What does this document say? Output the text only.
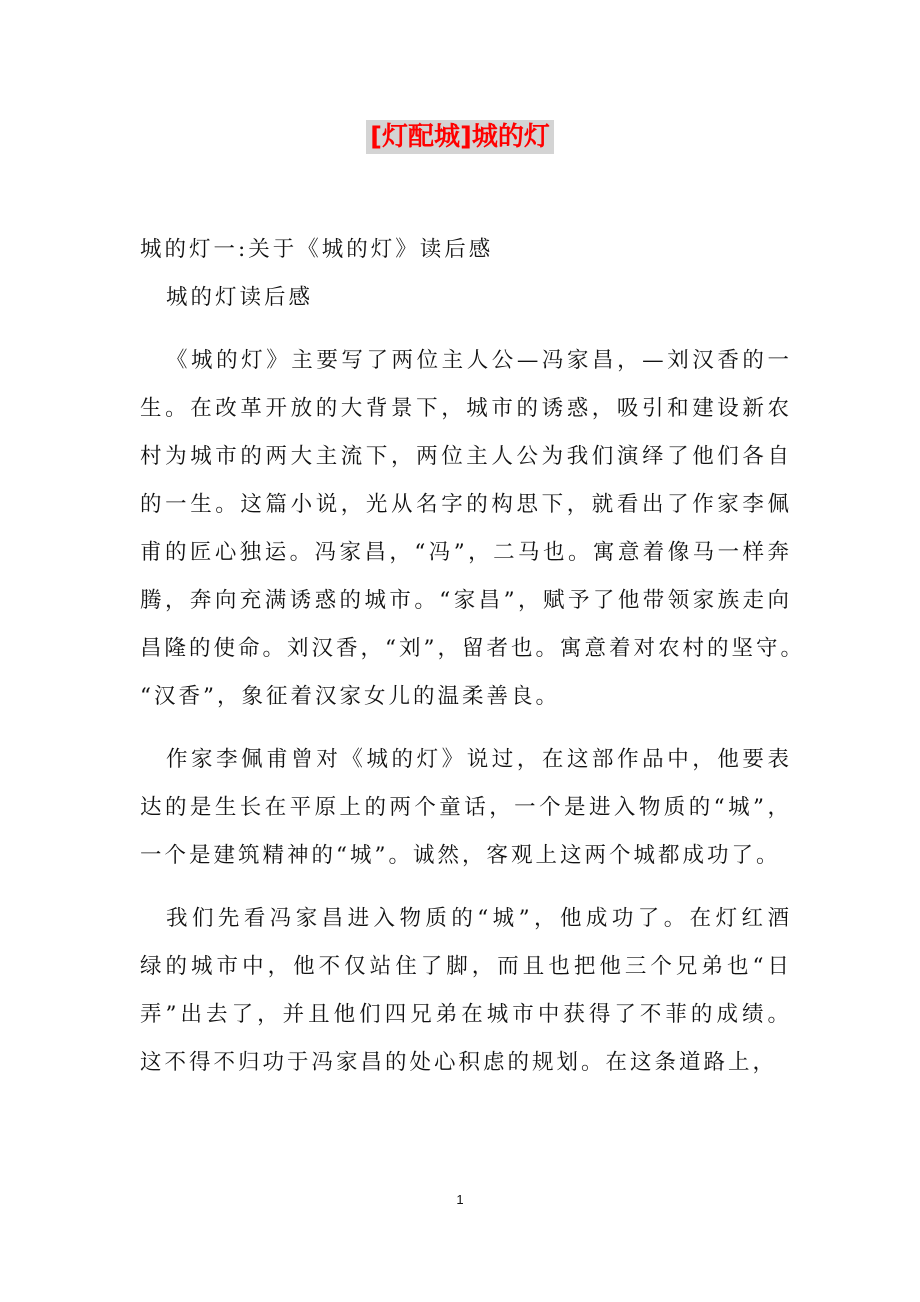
[灯配城]城的灯
城的灯一:关于《城的灯》读后感
城的灯读后感
《城的灯》主要写了两位主人公—冯家昌，—刘汉香的一
生。在改革开放的大背景下，城市的诱惑，吸引和建设新农
村为城市的两大主流下，两位主人公为我们演绎了他们各自
的一生。这篇小说，光从名字的构思下，就看出了作家李佩
甫的匠心独运。冯家昌，“冯”，二马也。寓意着像马一样奔
腾，奔向充满诱惑的城市。“家昌”，赋予了他带领家族走向
昌隆的使命。刘汉香，“刘”，留者也。寓意着对农村的坚守。
“汉香”，象征着汉家女儿的温柔善良。
作家李佩甫曾对《城的灯》说过，在这部作品中，他要表
达的是生长在平原上的两个童话，一个是进入物质的“城”，
一个是建筑精神的“城”。诚然，客观上这两个城都成功了。
我们先看冯家昌进入物质的“城”，他成功了。在灯红酒
绿的城市中，他不仅站住了脚，而且也把他三个兄弟也“日
弄”出去了，并且他们四兄弟在城市中获得了不菲的成绩。
这不得不归功于冯家昌的处心积虑的规划。在这条道路上，
1
